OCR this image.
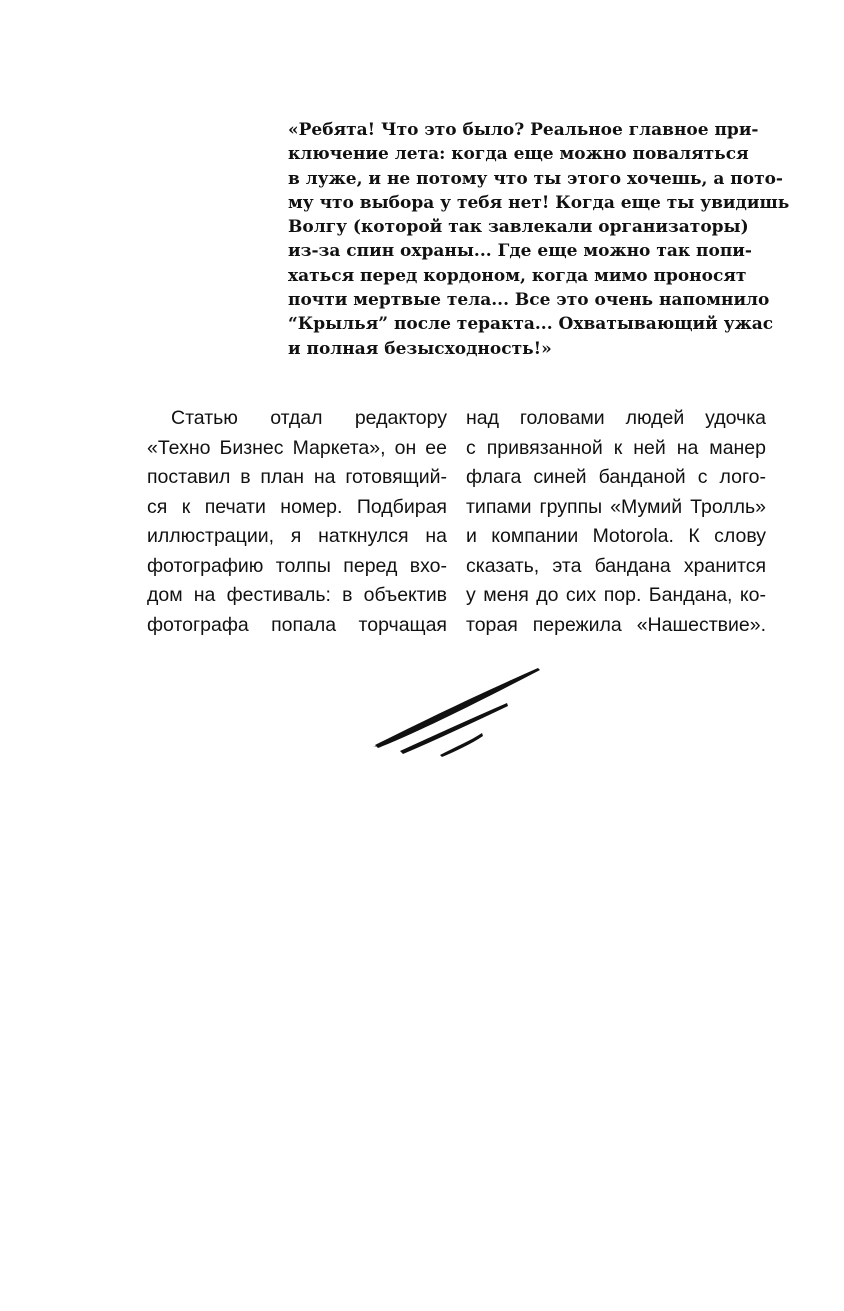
«Ребята! Что это было? Реальное главное при-
ключение лета: когда еще можно поваляться
в луже, и не потому что ты этого хочешь, а пото-
му что выбора у тебя нет! Когда еще ты увидишь
Волгу (которой так завлекали организаторы)
из-за спин охраны... Где еще можно так попи-
хаться перед кордоном, когда мимо проносят
почти мертвые тела... Все это очень напомнило
“Крылья” после теракта... Охватывающий ужас
и полная безысходность!»
Статью отдал редактору
«Техно Бизнес Маркета», он ее
поставил в план на готовящий-
ся к печати номер. Подбирая
иллюстрации, я наткнулся на
фотографию толпы перед вхо-
дом на фестиваль: в объектив
фотографа попала торчащая
над головами людей удочка
с привязанной к ней на манер
флага синей банданой с лого-
типами группы «Мумий Тролль»
и компании Motorola. К слову
сказать, эта бандана хранится
у меня до сих пор. Бандана, ко-
торая пережила «Нашествие».
